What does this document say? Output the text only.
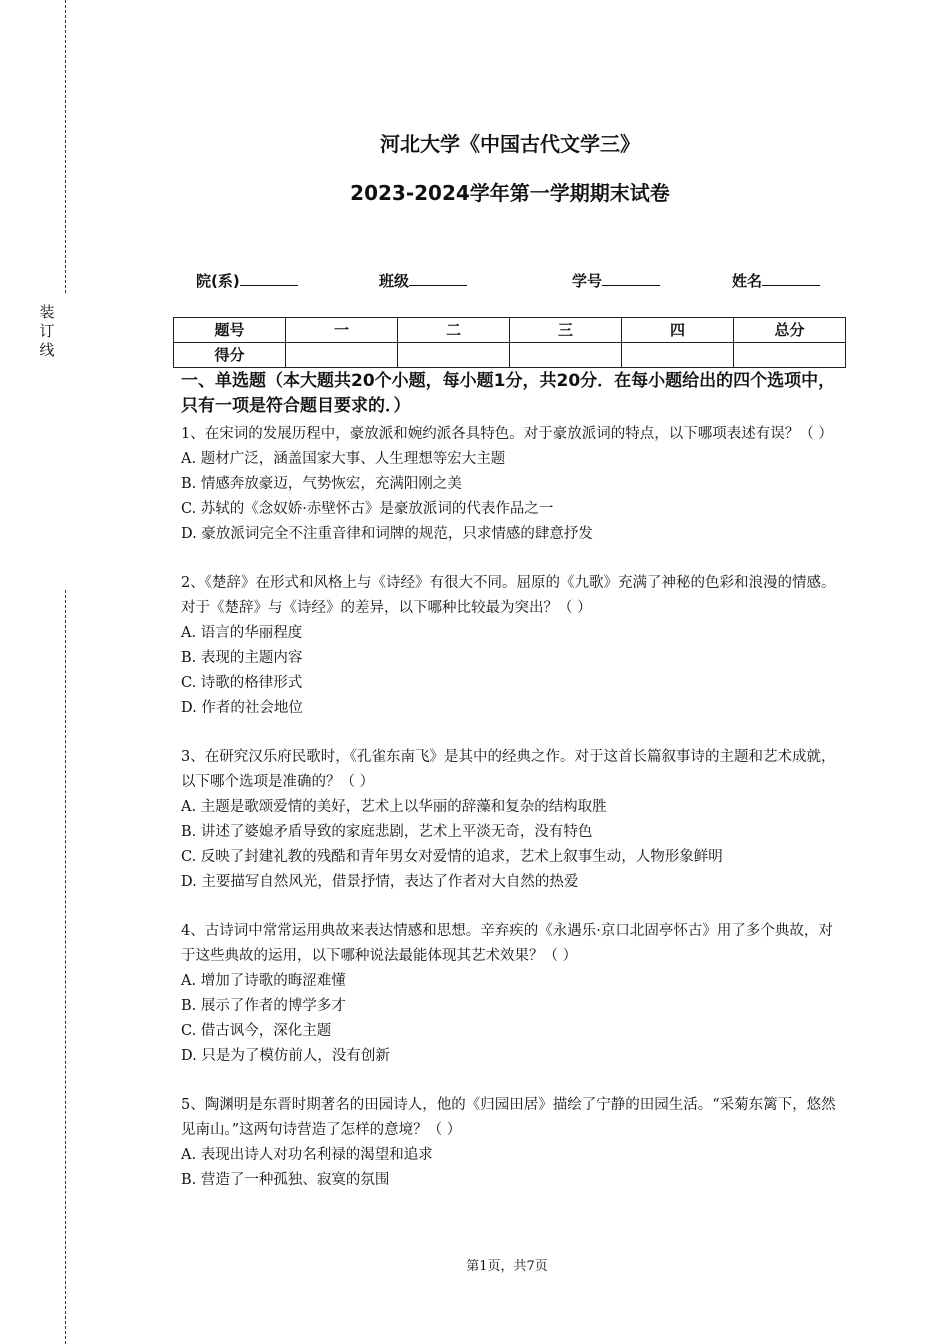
装
订
线
河北大学《中国古代文学三》
2023-2024学年第一学期期末试卷
院(系)	班级	学号	姓名
题号	一	二	三	四	总分
得分					

一、单选题（本大题共20个小题，每小题1分，共20分．在每小题给出的四个选项中，只有一项是符合题目要求的．）

1、在宋词的发展历程中，豪放派和婉约派各具特色。对于豪放派词的特点，以下哪项表述有误？（ ）

A. 题材广泛，涵盖国家大事、人生理想等宏大主题

B. 情感奔放豪迈，气势恢宏，充满阳刚之美

C. 苏轼的《念奴娇·赤壁怀古》是豪放派词的代表作品之一

D. 豪放派词完全不注重音律和词牌的规范，只求情感的肆意抒发

2、《楚辞》在形式和风格上与《诗经》有很大不同。屈原的《九歌》充满了神秘的色彩和浪漫的情感。对于《楚辞》与《诗经》的差异，以下哪种比较最为突出？（ ）

A. 语言的华丽程度

B. 表现的主题内容

C. 诗歌的格律形式

D. 作者的社会地位

3、在研究汉乐府民歌时，《孔雀东南飞》是其中的经典之作。对于这首长篇叙事诗的主题和艺术成就，以下哪个选项是准确的？（ ）

A. 主题是歌颂爱情的美好，艺术上以华丽的辞藻和复杂的结构取胜

B. 讲述了婆媳矛盾导致的家庭悲剧，艺术上平淡无奇，没有特色

C. 反映了封建礼教的残酷和青年男女对爱情的追求，艺术上叙事生动，人物形象鲜明

D. 主要描写自然风光，借景抒情，表达了作者对大自然的热爱

4、古诗词中常常运用典故来表达情感和思想。辛弃疾的《永遇乐·京口北固亭怀古》用了多个典故，对于这些典故的运用，以下哪种说法最能体现其艺术效果？（ ）

A. 增加了诗歌的晦涩难懂

B. 展示了作者的博学多才

C. 借古讽今，深化主题

D. 只是为了模仿前人，没有创新

5、陶渊明是东晋时期著名的田园诗人，他的《归园田居》描绘了宁静的田园生活。“采菊东篱下，悠然见南山。”这两句诗营造了怎样的意境？（ ）

A. 表现出诗人对功名利禄的渴望和追求

B. 营造了一种孤独、寂寞的氛围

第1页，共7页
